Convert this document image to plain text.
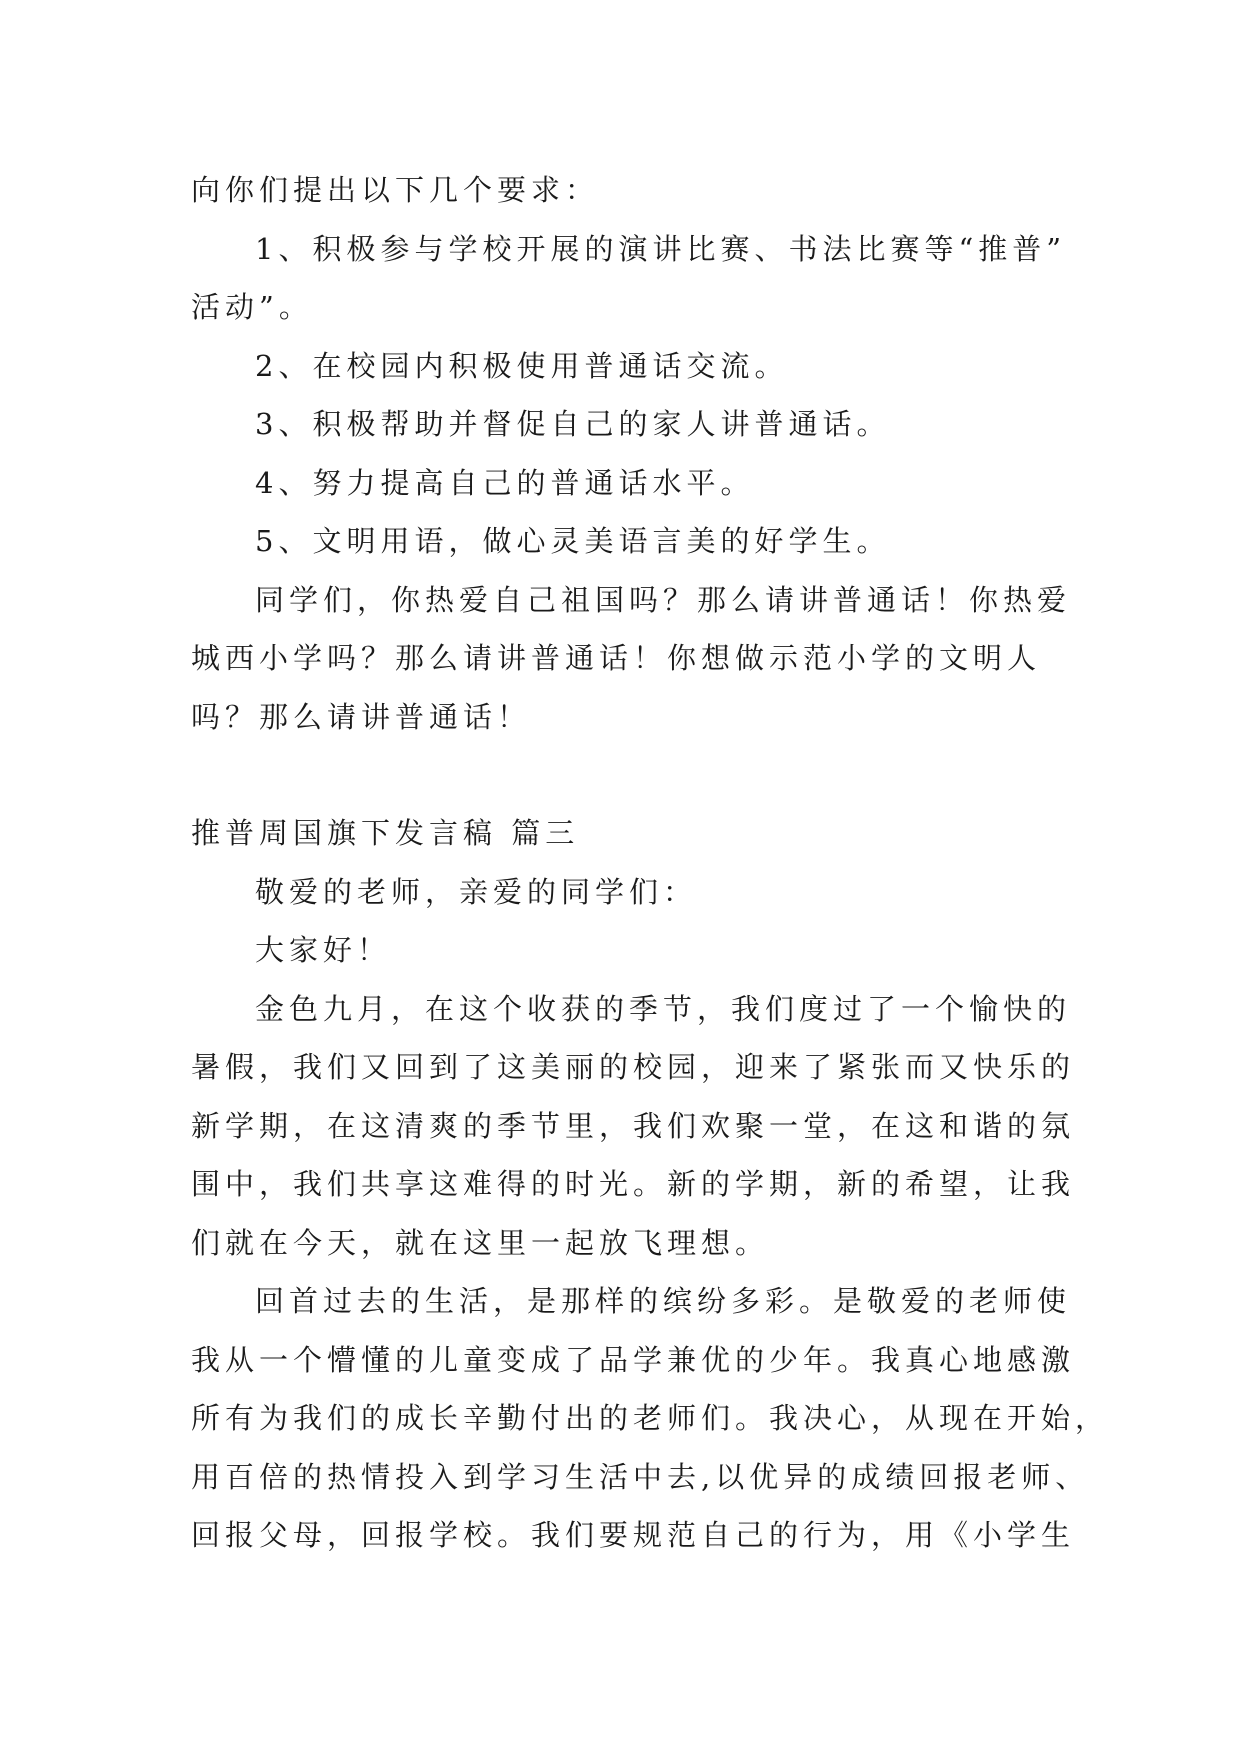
向你们提出以下几个要求：
1、积极参与学校开展的演讲比赛、书法比赛等“推普”
活动”。
2、在校园内积极使用普通话交流。
3、积极帮助并督促自己的家人讲普通话。
4、努力提高自己的普通话水平。
5、文明用语，做心灵美语言美的好学生。
同学们，你热爱自己祖国吗？那么请讲普通话！你热爱
城西小学吗？那么请讲普通话！你想做示范小学的文明人
吗？那么请讲普通话！
推普周国旗下发言稿 篇三
敬爱的老师，亲爱的同学们：
大家好！
金色九月，在这个收获的季节，我们度过了一个愉快的
暑假，我们又回到了这美丽的校园，迎来了紧张而又快乐的
新学期，在这清爽的季节里，我们欢聚一堂，在这和谐的氛
围中，我们共享这难得的时光。新的学期，新的希望，让我
们就在今天，就在这里一起放飞理想。
回首过去的生活，是那样的缤纷多彩。是敬爱的老师使
我从一个懵懂的儿童变成了品学兼优的少年。我真心地感激
所有为我们的成长辛勤付出的老师们。我决心，从现在开始，
用百倍的热情投入到学习生活中去,以优异的成绩回报老师、
回报父母，回报学校。我们要规范自己的行为，用《小学生
